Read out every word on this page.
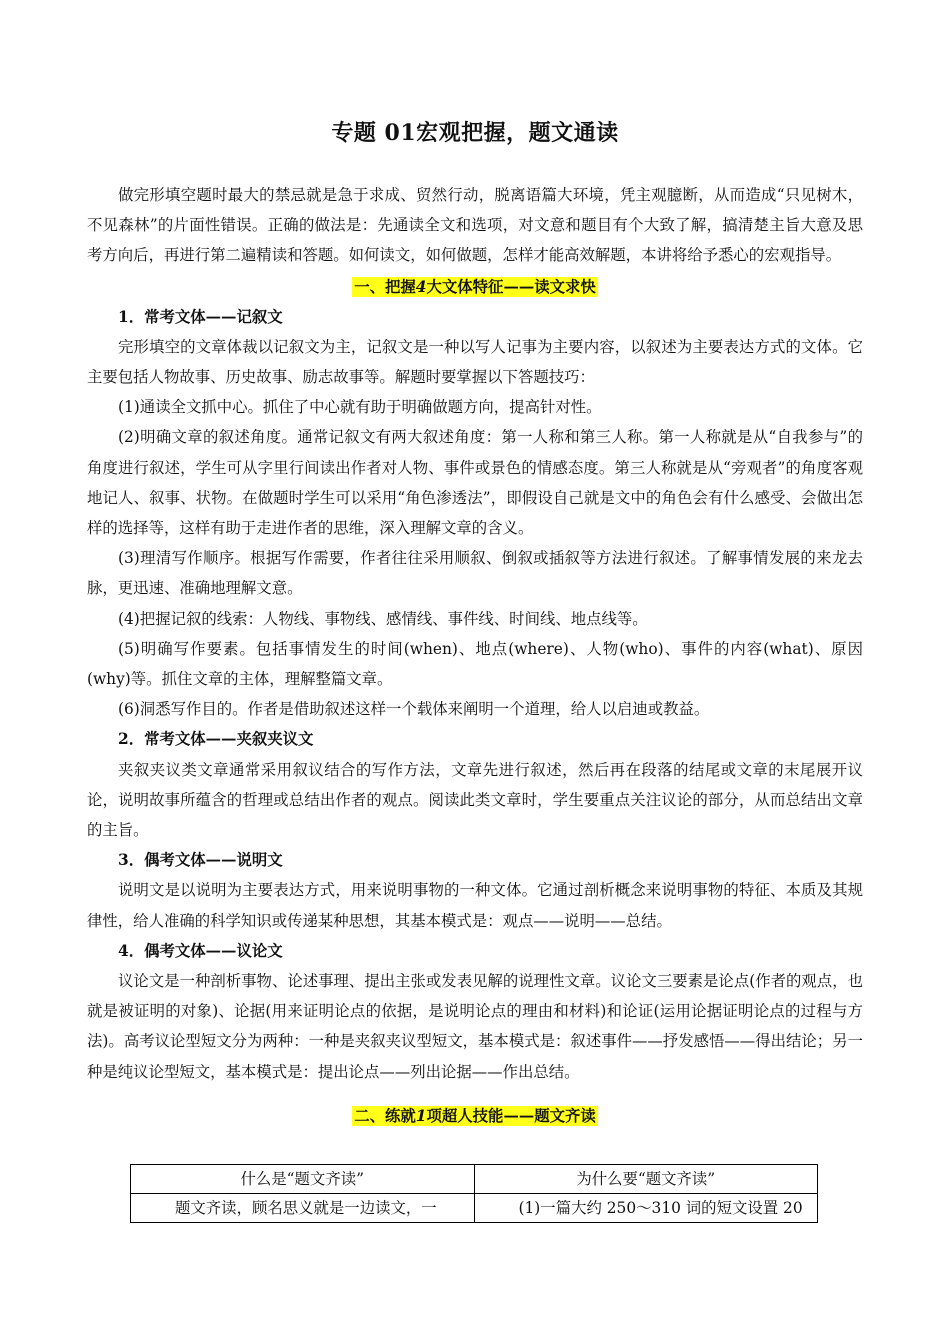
专题 01宏观把握，题文通读

做完形填空题时最大的禁忌就是急于求成、贸然行动，脱离语篇大环境，凭主观臆断，从而造成“只见树木，不见森林”的片面性错误。正确的做法是：先通读全文和选项，对文意和题目有个大致了解，搞清楚主旨大意及思考方向后，再进行第二遍精读和答题。如何读文，如何做题，怎样才能高效解题，本讲将给予悉心的宏观指导。

一、把握4大文体特征——读文求快

1．常考文体——记叙文

完形填空的文章体裁以记叙文为主，记叙文是一种以写人记事为主要内容，以叙述为主要表达方式的文体。它主要包括人物故事、历史故事、励志故事等。解题时要掌握以下答题技巧：

(1)通读全文抓中心。抓住了中心就有助于明确做题方向，提高针对性。

(2)明确文章的叙述角度。通常记叙文有两大叙述角度：第一人称和第三人称。第一人称就是从“自我参与”的角度进行叙述，学生可从字里行间读出作者对人物、事件或景色的情感态度。第三人称就是从“旁观者”的角度客观地记人、叙事、状物。在做题时学生可以采用“角色渗透法”，即假设自己就是文中的角色会有什么感受、会做出怎样的选择等，这样有助于走进作者的思维，深入理解文章的含义。

(3)理清写作顺序。根据写作需要，作者往往采用顺叙、倒叙或插叙等方法进行叙述。了解事情发展的来龙去脉，更迅速、准确地理解文意。

(4)把握记叙的线索：人物线、事物线、感情线、事件线、时间线、地点线等。

(5)明确写作要素。包括事情发生的时间(when)、地点(where)、人物(who)、事件的内容(what)、原因(why)等。抓住文章的主体，理解整篇文章。

(6)洞悉写作目的。作者是借助叙述这样一个载体来阐明一个道理，给人以启迪或教益。

2．常考文体——夹叙夹议文

夹叙夹议类文章通常采用叙议结合的写作方法，文章先进行叙述，然后再在段落的结尾或文章的末尾展开议论，说明故事所蕴含的哲理或总结出作者的观点。阅读此类文章时，学生要重点关注议论的部分，从而总结出文章的主旨。

3．偶考文体——说明文

说明文是以说明为主要表达方式，用来说明事物的一种文体。它通过剖析概念来说明事物的特征、本质及其规律性，给人准确的科学知识或传递某种思想，其基本模式是：观点——说明——总结。

4．偶考文体——议论文

议论文是一种剖析事物、论述事理、提出主张或发表见解的说理性文章。议论文三要素是论点(作者的观点，也就是被证明的对象)、论据(用来证明论点的依据，是说明论点的理由和材料)和论证(运用论据证明论点的过程与方法)。高考议论型短文分为两种：一种是夹叙夹议型短文，基本模式是：叙述事件——抒发感悟——得出结论；另一种是纯议论型短文，基本模式是：提出论点——列出论据——作出总结。

二、练就1项超人技能——题文齐读

什么是“题文齐读”	为什么要“题文齐读”
题文齐读，顾名思义就是一边读文，一	(1)一篇大约 250～310 词的短文设置 20
